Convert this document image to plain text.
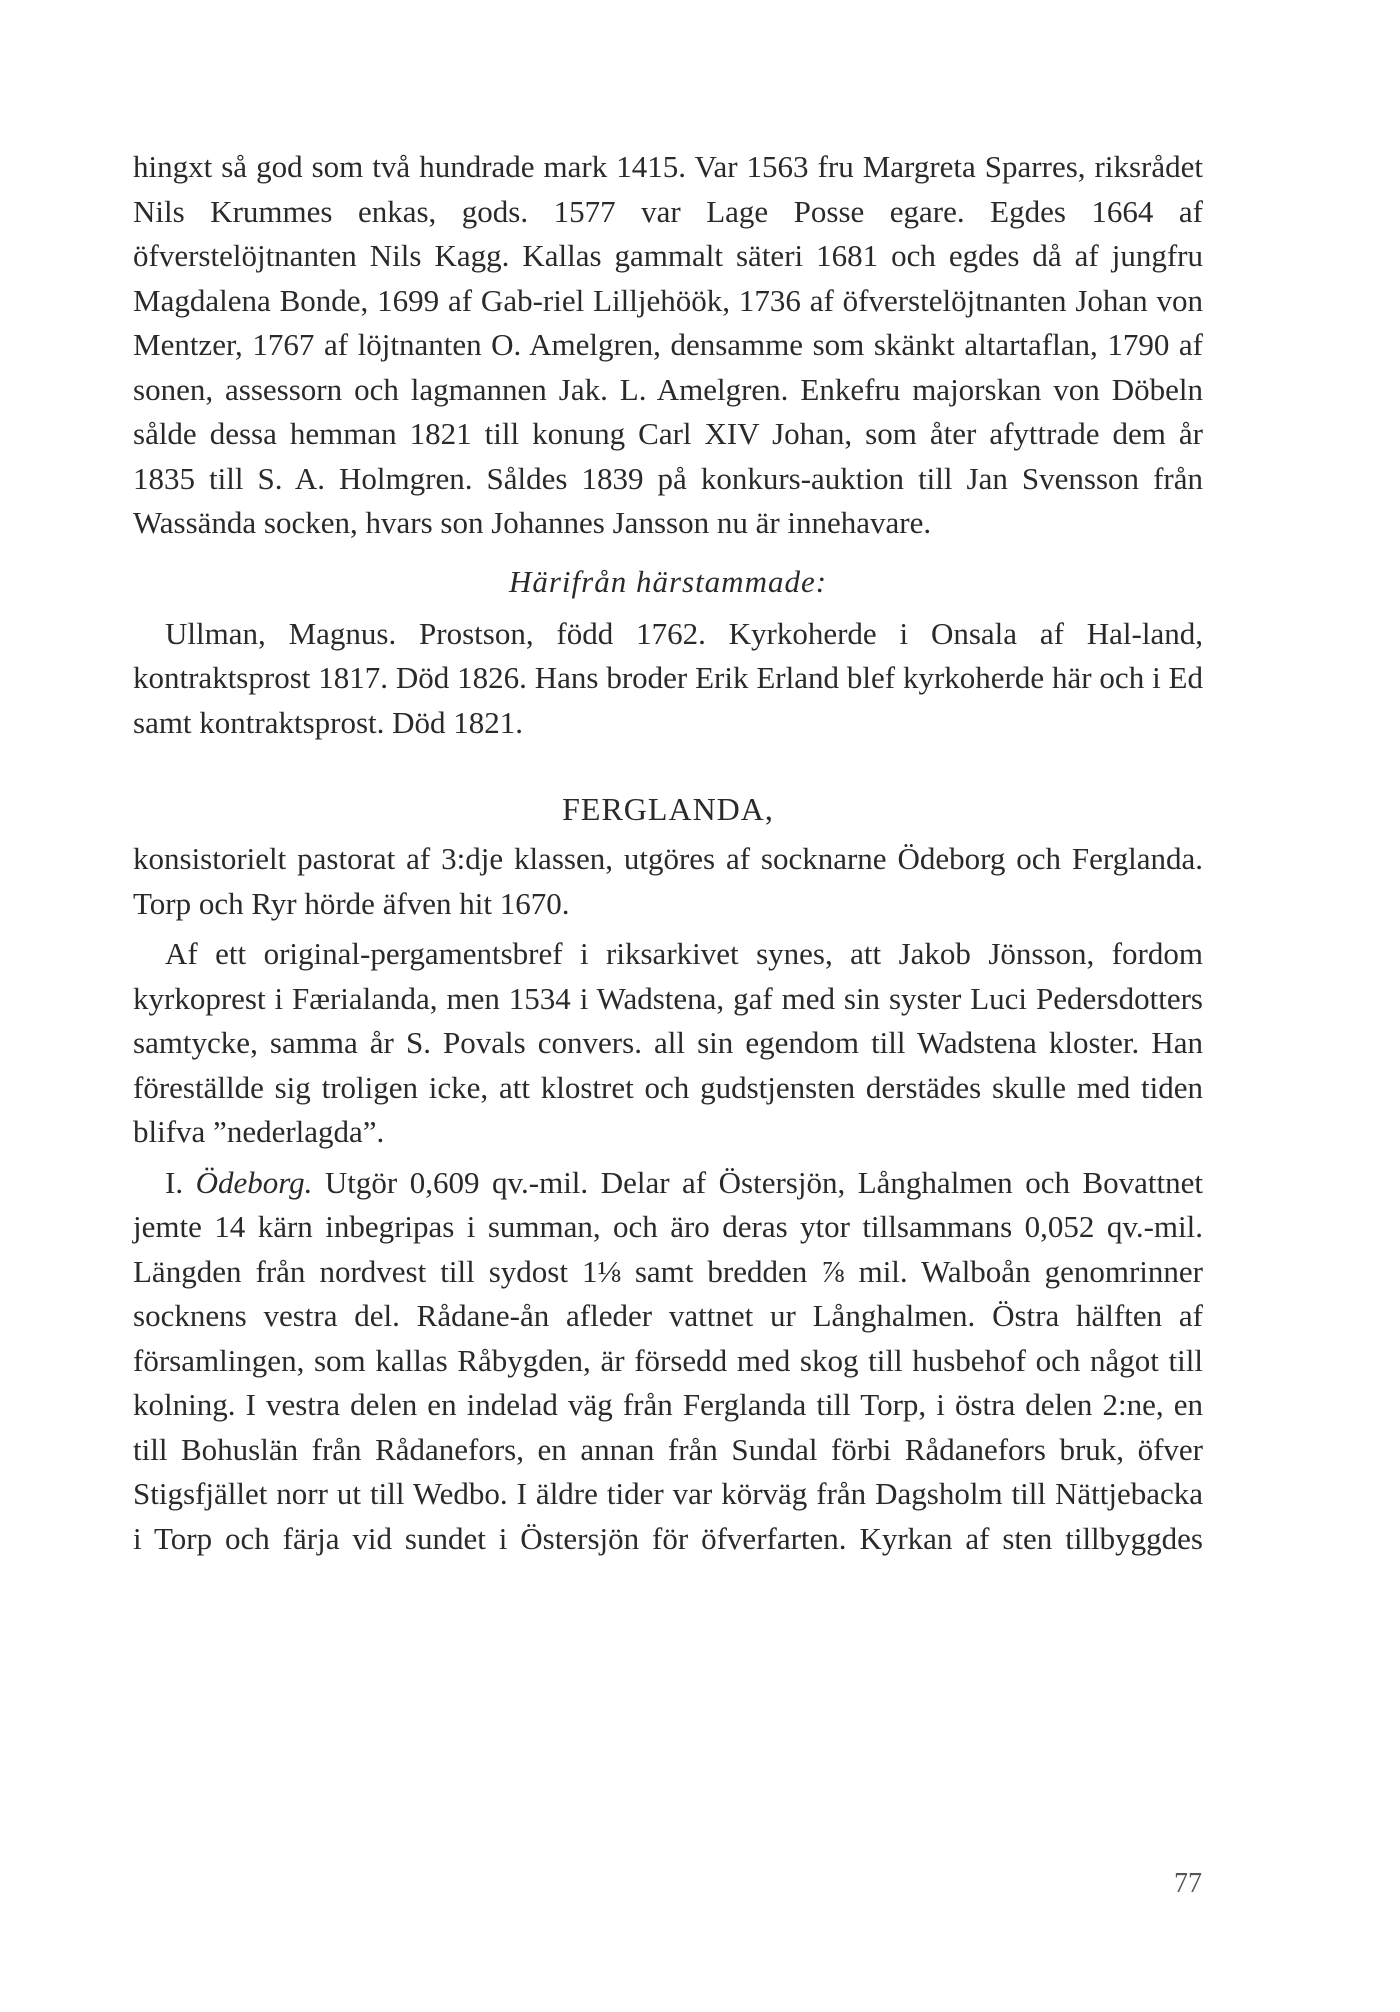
hingxt så god som två hundrade mark 1415. Var 1563 fru Margreta Sparres, riksrådet Nils Krummes enkas, gods. 1577 var Lage Posse egare. Egdes 1664 af öfverstelöjtnanten Nils Kagg. Kallas gammalt säteri 1681 och egdes då af jungfru Magdalena Bonde, 1699 af Gab-riel Lilljehöök, 1736 af öfverstelöjtnanten Johan von Mentzer, 1767 af löjtnanten O. Amelgren, densamme som skänkt altartaflan, 1790 af sonen, assessorn och lagmannen Jak. L. Amelgren. Enkefru majorskan von Döbeln sålde dessa hemman 1821 till konung Carl XIV Johan, som åter afyttrade dem år 1835 till S. A. Holmgren. Såldes 1839 på konkurs-auktion till Jan Svensson från Wassända socken, hvars son Johannes Jansson nu är innehavare.

Härifrån härstammade:

Ullman, Magnus. Prostson, född 1762. Kyrkoherde i Onsala af Hal-land, kontraktsprost 1817. Död 1826. Hans broder Erik Erland blef kyrkoherde här och i Ed samt kontraktsprost. Död 1821.

FERGLANDA,

konsistorielt pastorat af 3:dje klassen, utgöres af socknarne Ödeborg och Ferglanda. Torp och Ryr hörde äfven hit 1670.

Af ett original-pergamentsbref i riksarkivet synes, att Jakob Jönsson, fordom kyrkoprest i Færialanda, men 1534 i Wadstena, gaf med sin syster Luci Pedersdotters samtycke, samma år S. Povals convers. all sin egendom till Wadstena kloster. Han föreställde sig troligen icke, att klostret och gudstjensten derstädes skulle med tiden blifva ”nederlagda”.

I. Ödeborg. Utgör 0,609 qv.-mil. Delar af Östersjön, Långhalmen och Bovattnet jemte 14 kärn inbegripas i summan, och äro deras ytor tillsammans 0,052 qv.-mil. Längden från nordvest till sydost 1⅛ samt bredden ⅞ mil. Walboån genomrinner socknens vestra del. Rådane-ån afleder vattnet ur Långhalmen. Östra hälften af församlingen, som kallas Råbygden, är försedd med skog till husbehof och något till kolning. I vestra delen en indelad väg från Ferglanda till Torp, i östra delen 2:ne, en till Bohuslän från Rådanefors, en annan från Sundal förbi Rådanefors bruk, öfver Stigsfjället norr ut till Wedbo. I äldre tider var körväg från Dagsholm till Nättjebacka i Torp och färja vid sundet i Östersjön för öfverfarten. Kyrkan af sten tillbyggdes

77
